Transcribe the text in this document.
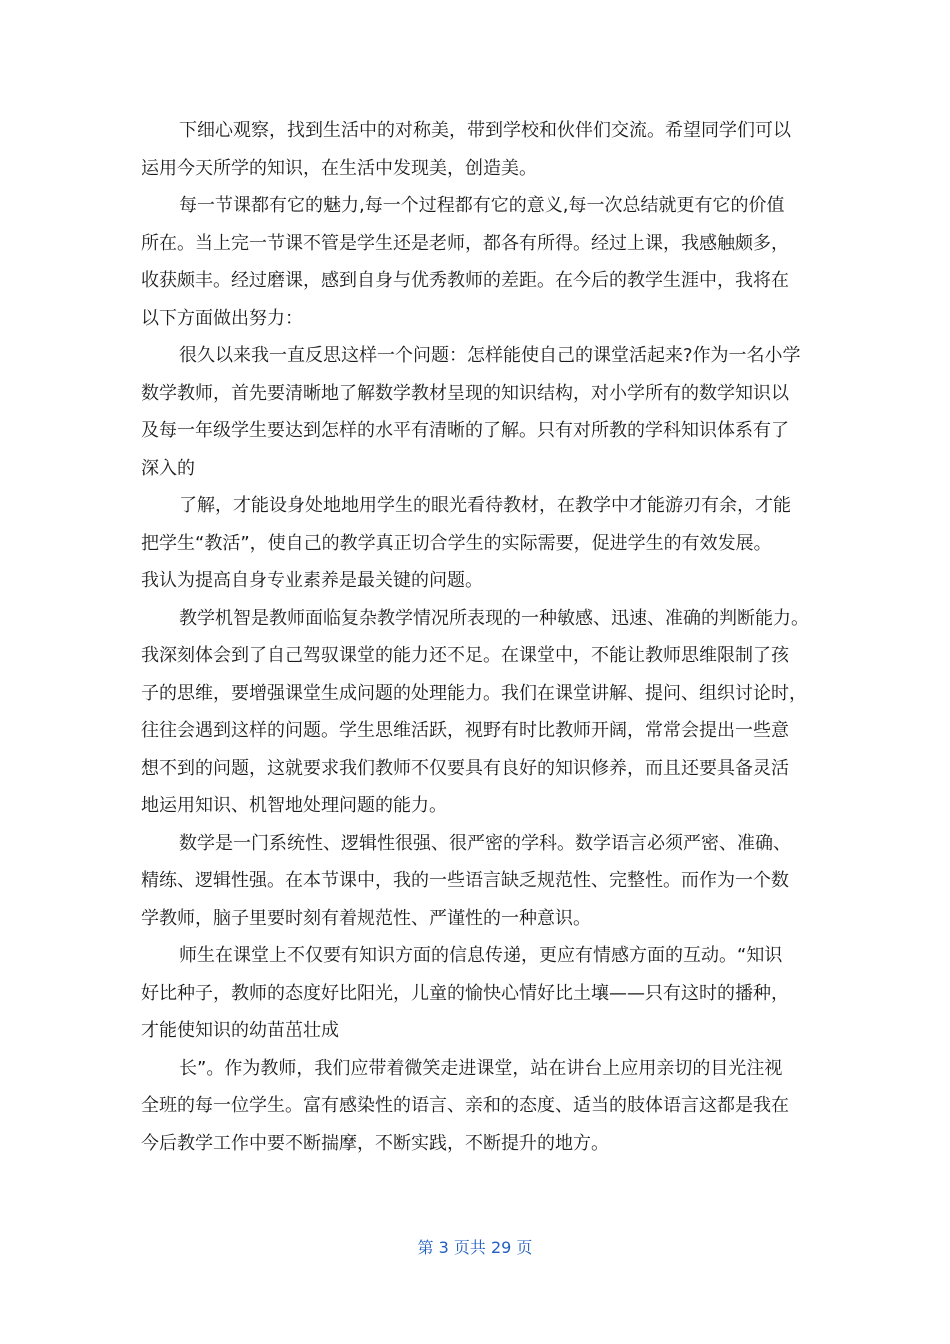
下细心观察，找到生活中的对称美，带到学校和伙伴们交流。希望同学们可以
运用今天所学的知识，在生活中发现美，创造美。

每一节课都有它的魅力,每一个过程都有它的意义,每一次总结就更有它的价值
所在。当上完一节课不管是学生还是老师，都各有所得。经过上课，我感触颇多，
收获颇丰。经过磨课，感到自身与优秀教师的差距。在今后的教学生涯中，我将在
以下方面做出努力：

很久以来我一直反思这样一个问题：怎样能使自己的课堂活起来?作为一名小学
数学教师，首先要清晰地了解数学教材呈现的知识结构，对小学所有的数学知识以
及每一年级学生要达到怎样的水平有清晰的了解。只有对所教的学科知识体系有了
深入的

了解，才能设身处地地用学生的眼光看待教材，在教学中才能游刃有余，才能
把学生“教活”，使自己的教学真正切合学生的实际需要，促进学生的有效发展。
我认为提高自身专业素养是最关键的问题。

教学机智是教师面临复杂教学情况所表现的一种敏感、迅速、准确的判断能力。
我深刻体会到了自己驾驭课堂的能力还不足。在课堂中，不能让教师思维限制了孩
子的思维，要增强课堂生成问题的处理能力。我们在课堂讲解、提问、组织讨论时，
往往会遇到这样的问题。学生思维活跃，视野有时比教师开阔，常常会提出一些意
想不到的问题，这就要求我们教师不仅要具有良好的知识修养，而且还要具备灵活
地运用知识、机智地处理问题的能力。

数学是一门系统性、逻辑性很强、很严密的学科。数学语言必须严密、准确、
精练、逻辑性强。在本节课中，我的一些语言缺乏规范性、完整性。而作为一个数
学教师，脑子里要时刻有着规范性、严谨性的一种意识。

师生在课堂上不仅要有知识方面的信息传递，更应有情感方面的互动。“知识
好比种子，教师的态度好比阳光，儿童的愉快心情好比土壤——只有这时的播种，
才能使知识的幼苗茁壮成

长”。作为教师，我们应带着微笑走进课堂，站在讲台上应用亲切的目光注视
全班的每一位学生。富有感染性的语言、亲和的态度、适当的肢体语言这都是我在
今后教学工作中要不断揣摩，不断实践，不断提升的地方。

第 3 页共 29 页
